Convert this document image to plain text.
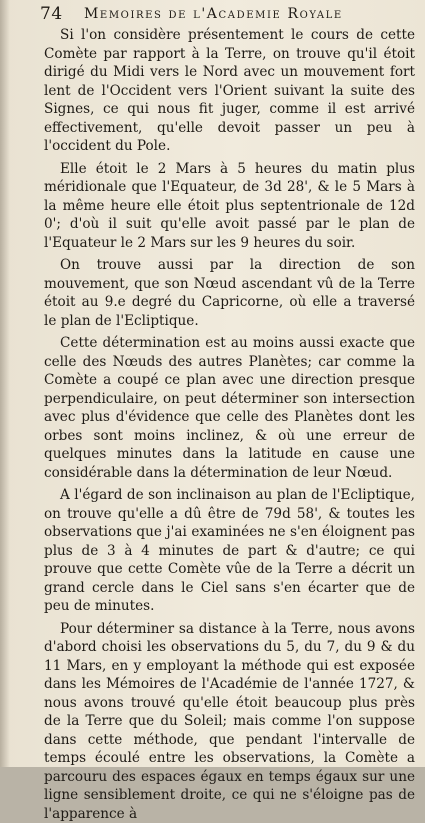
74 Memoires de l'Academie Royale

Si l'on considère présentement le cours de cette Comète par rapport à la Terre, on trouve qu'il étoit dirigé du Midi vers le Nord avec un mouvement fort lent de l'Occident vers l'Orient suivant la suite des Signes, ce qui nous fit juger, comme il est arrivé effectivement, qu'elle devoit passer un peu à l'occident du Pole.

Elle étoit le 2 Mars à 5 heures du matin plus méridionale que l'Equateur, de 3d 28', & le 5 Mars à la même heure elle étoit plus septentrionale de 12d 0'; d'où il suit qu'elle avoit passé par le plan de l'Equateur le 2 Mars sur les 9 heures du soir.

On trouve aussi par la direction de son mouvement, que son Nœud ascendant vû de la Terre étoit au 9.e degré du Capricorne, où elle a traversé le plan de l'Ecliptique.

Cette détermination est au moins aussi exacte que celle des Nœuds des autres Planètes; car comme la Comète a coupé ce plan avec une direction presque perpendiculaire, on peut déterminer son intersection avec plus d'évidence que celle des Planètes dont les orbes sont moins inclinez, & où une erreur de quelques minutes dans la latitude en cause une considérable dans la détermination de leur Nœud.

A l'égard de son inclinaison au plan de l'Ecliptique, on trouve qu'elle a dû être de 79d 58', & toutes les observations que j'ai examinées ne s'en éloignent pas plus de 3 à 4 minutes de part & d'autre; ce qui prouve que cette Comète vûe de la Terre a décrit un grand cercle dans le Ciel sans s'en écarter que de peu de minutes.

Pour déterminer sa distance à la Terre, nous avons d'abord choisi les observations du 5, du 7, du 9 & du 11 Mars, en y employant la méthode qui est exposée dans les Mémoires de l'Académie de l'année 1727, & nous avons trouvé qu'elle étoit beaucoup plus près de la Terre que du Soleil; mais comme l'on suppose dans cette méthode, que pendant l'intervalle de temps écoulé entre les observations, la Comète a parcouru des espaces égaux en temps égaux sur une ligne sensiblement droite, ce qui ne s'éloigne pas de l'apparence à
